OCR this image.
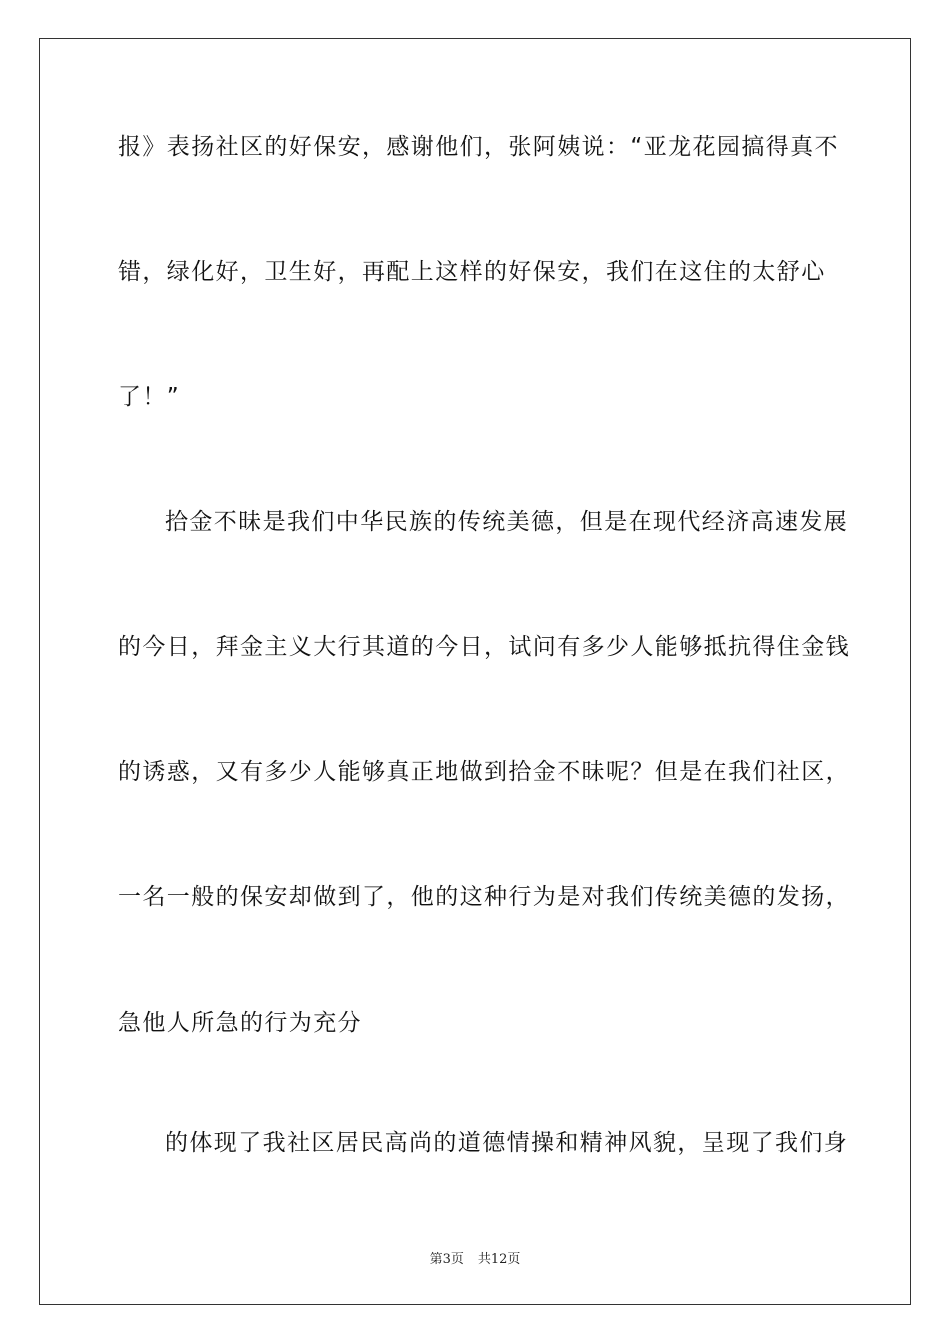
报》表扬社区的好保安，感谢他们，张阿姨说：“亚龙花园搞得真不
错，绿化好，卫生好，再配上这样的好保安，我们在这住的太舒心
了！”
拾金不昧是我们中华民族的传统美德，但是在现代经济高速发展
的今日，拜金主义大行其道的今日，试问有多少人能够抵抗得住金钱
的诱惑，又有多少人能够真正地做到拾金不昧呢？但是在我们社区，
一名一般的保安却做到了，他的这种行为是对我们传统美德的发扬，
急他人所急的行为充分
的体现了我社区居民高尚的道德情操和精神风貌，呈现了我们身
第3页 共12页
